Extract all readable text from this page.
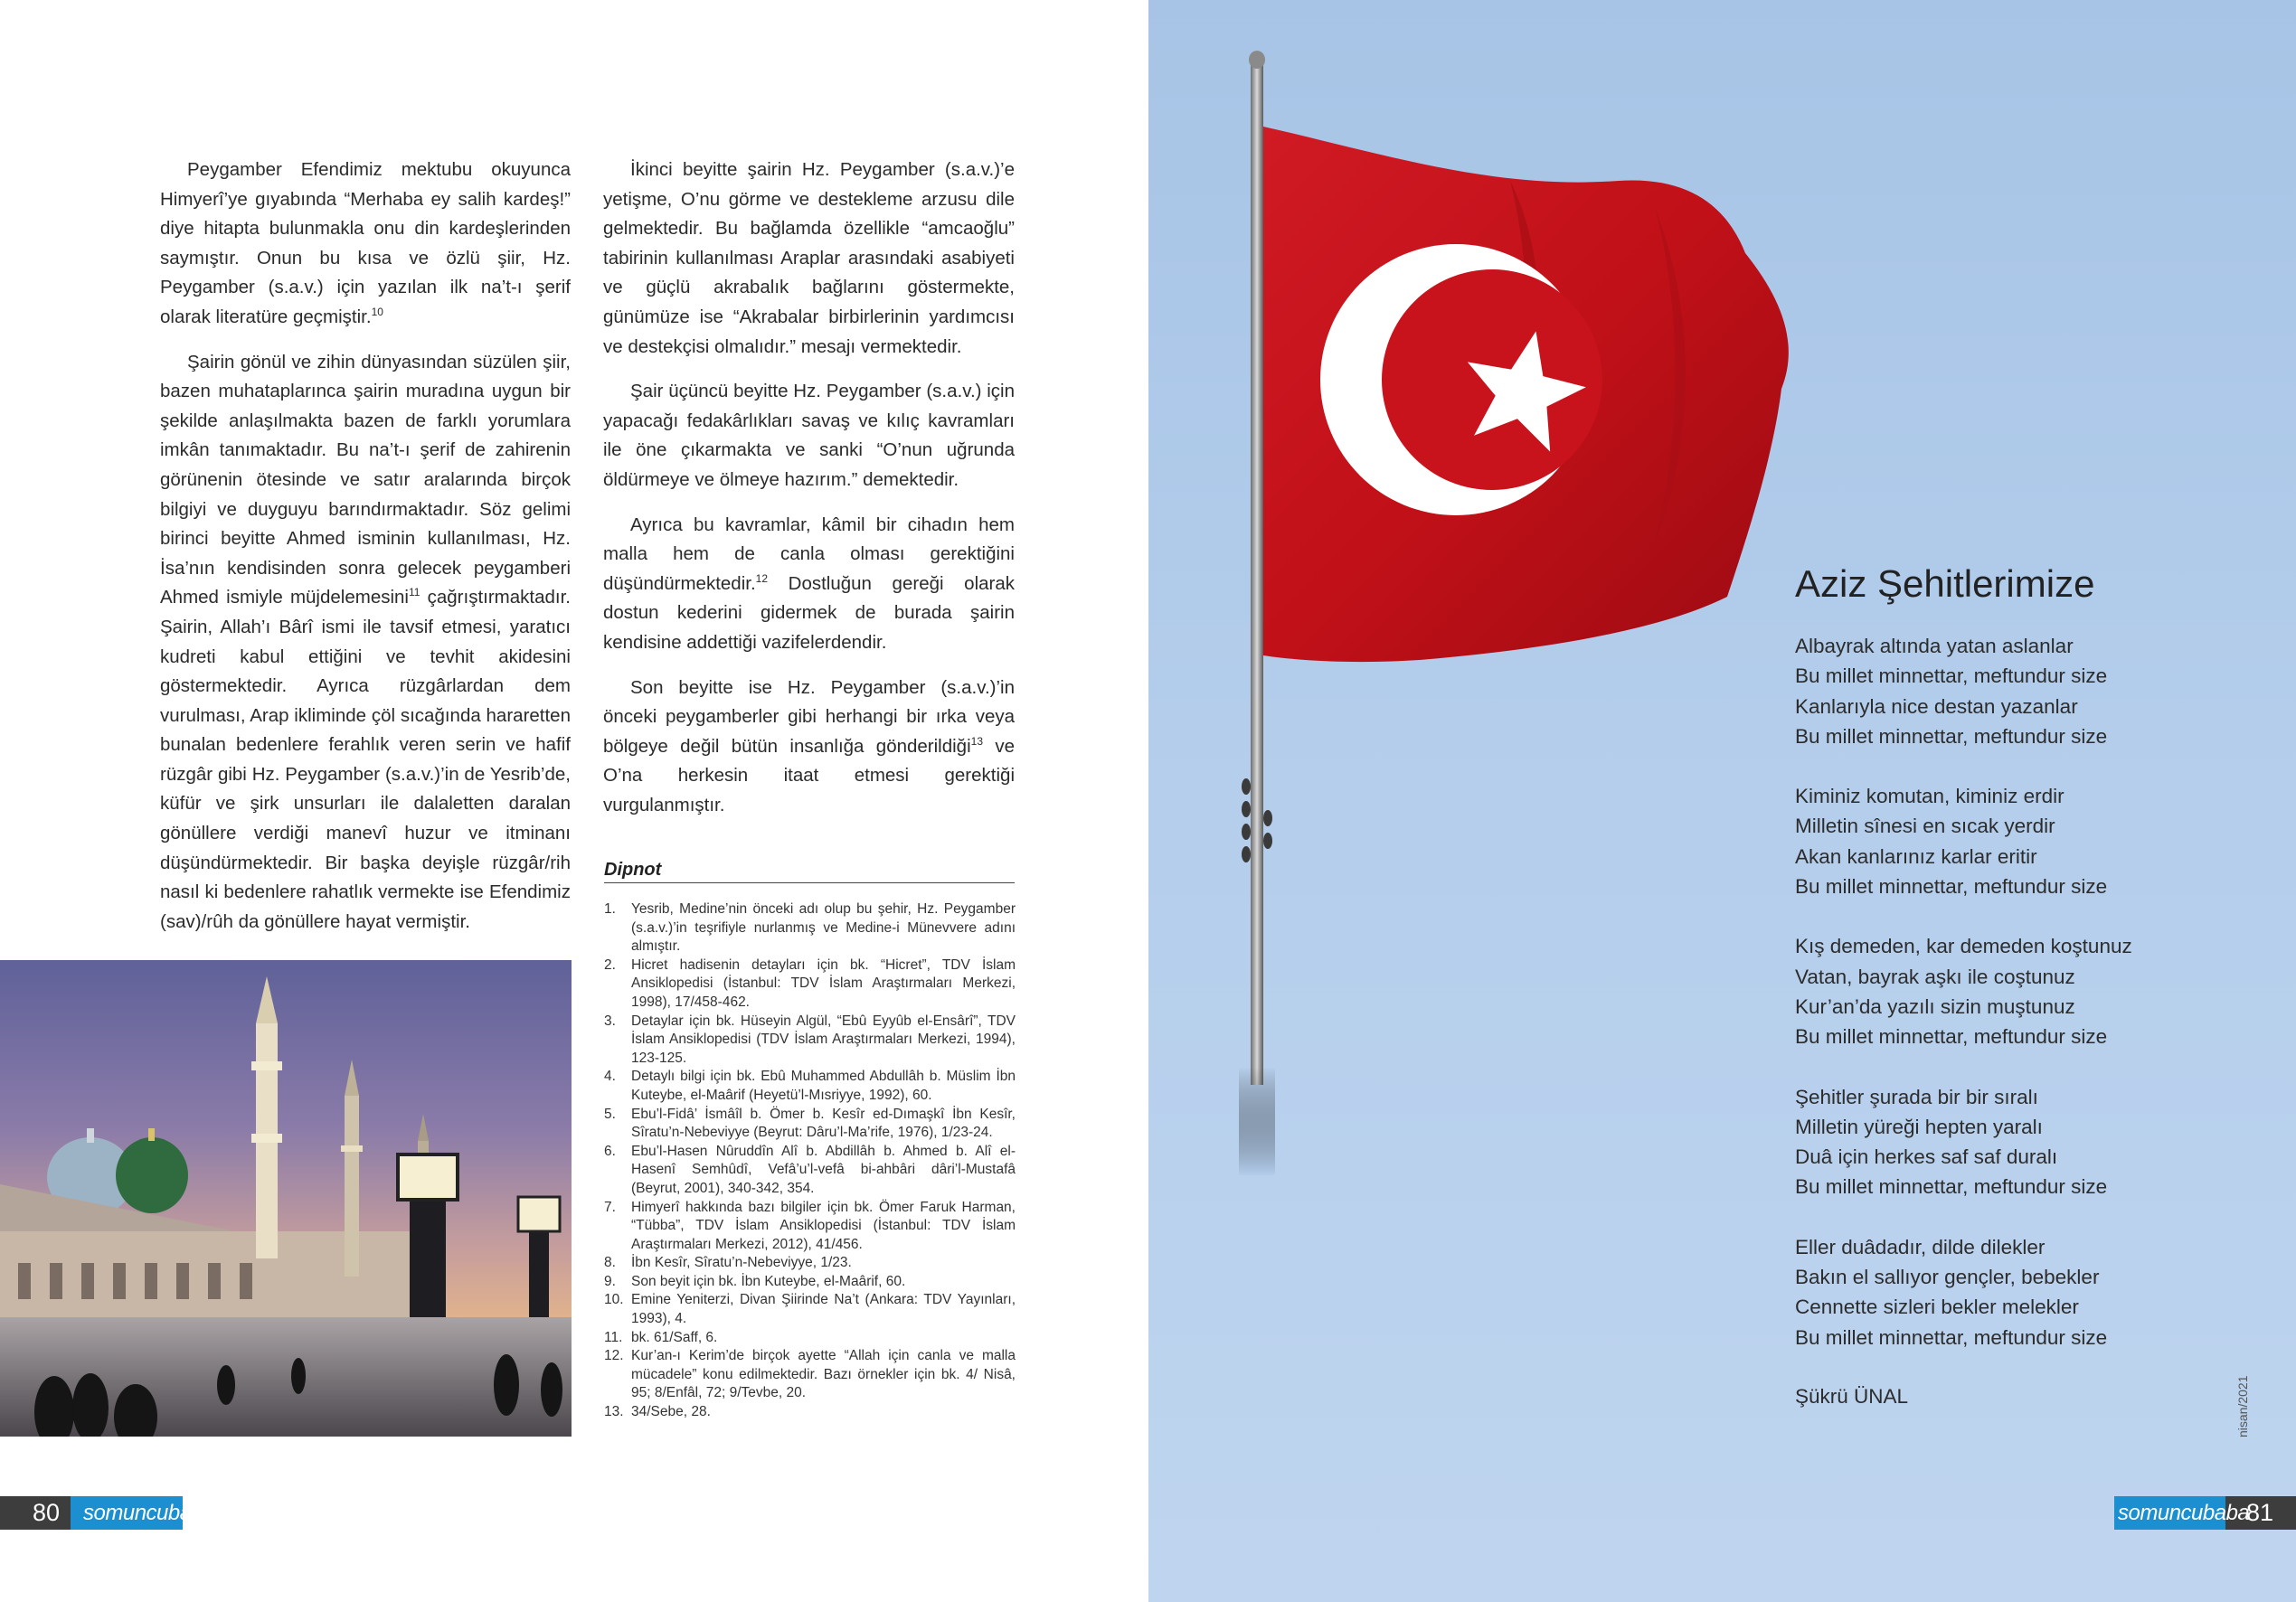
Peygamber Efendimiz mektubu okuyunca Himyerî’ye gıyabında “Merhaba ey salih kardeş!” diye hitapta bulunmakla onu din kardeşlerinden saymıştır. Onun bu kısa ve özlü şiir, Hz. Peygamber (s.a.v.) için yazılan ilk na’t-ı şerif olarak literatüre geçmiştir.$^{10}$

Şairin gönül ve zihin dünyasından süzülen şiir, bazen muhataplarınca şairin muradına uygun bir şekilde anlaşılmakta bazen de farklı yorumlara imkân tanımaktadır. Bu na’t-ı şerif de zahirenin görünenin ötesinde ve satır aralarında birçok bilgiyi ve duyguyu barındırmaktadır. Söz gelimi birinci beyitte Ahmed isminin kullanılması, Hz. İsa’nın kendisinden sonra gelecek peygamberi Ahmed ismiyle müjdelemesini$^{11}$ çağrıştırmaktadır. Şairin, Allah’ı Bârî ismi ile tavsif etmesi, yaratıcı kudreti kabul ettiğini ve tevhit akidesini göstermektedir. Ayrıca rüzgârlardan dem vurulması, Arap ikliminde çöl sıcağında hararetten bunalan bedenlere ferahlık veren serin ve hafif rüzgâr gibi Hz. Peygamber (s.a.v.)’in de Yesrib’de, küfür ve şirk unsurları ile dalaletten daralan gönüllere verdiği manevî huzur ve itminanı düşündürmektedir. Bir başka deyişle rüzgâr/rih nasıl ki bedenlere rahatlık vermekte ise Efendimiz (sav)/rûh da gönüllere hayat vermiştir.

İkinci beyitte şairin Hz. Peygamber (s.a.v.)’e yetişme, O’nu görme ve destekleme arzusu dile gelmektedir. Bu bağlamda özellikle “amcaoğlu” tabirinin kullanılması Araplar arasındaki asabiyeti ve güçlü akrabalık bağlarını göstermekte, günümüze ise “Akrabalar birbirlerinin yardımcısı ve destekçisi olmalıdır.” mesajı vermektedir.

Şair üçüncü beyitte Hz. Peygamber (s.a.v.) için yapacağı fedakârlıkları savaş ve kılıç kavramları ile öne çıkarmakta ve sanki “O’nun uğrunda öldürmeye ve ölmeye hazırım.” demektedir.

Ayrıca bu kavramlar, kâmil bir cihadın hem malla hem de canla olması gerektiğini düşündürmektedir.$^{12}$ Dostluğun gereği olarak dostun kederini gidermek de burada şairin kendisine addettiği vazifelerdendir.

Son beyitte ise Hz. Peygamber (s.a.v.)’in önceki peygamberler gibi herhangi bir ırka veya bölgeye değil bütün insanlığa gönderildiği$^{13}$ ve O’na herkesin itaat etmesi gerektiği vurgulanmıştır.

Dipnot
1. Yesrib, Medine’nin önceki adı olup bu şehir, Hz. Peygamber (s.a.v.)’in teşrifiyle nurlanmış ve Medine-i Münevvere adını almıştır.
2. Hicret hadisenin detayları için bk. “Hicret”, TDV İslam Ansiklopedisi (İstanbul: TDV İslam Araştırmaları Merkezi, 1998), 17/458-462.
3. Detaylar için bk. Hüseyin Algül, “Ebû Eyyûb el-Ensârî”, TDV İslam Ansiklopedisi (TDV İslam Araştırmaları Merkezi, 1994), 123-125.
4. Detaylı bilgi için bk. Ebû Muhammed Abdullâh b. Müslim İbn Kuteybe, el-Maârif (Heyetü’l-Mısriyye, 1992), 60.
5. Ebu’l-Fidâ’ İsmâîl b. Ömer b. Kesîr ed-Dımaşkî İbn Kesîr, Sîratu’n-Nebeviyye (Beyrut: Dâru’l-Ma’rife, 1976), 1/23-24.
6. Ebu’l-Hasen Nûruddîn Alî b. Abdillâh b. Ahmed b. Alî el-Hasenî Semhûdî, Vefâ’u’l-vefâ bi-ahbâri dâri’l-Mustafâ (Beyrut, 2001), 340-342, 354.
7. Himyerî hakkında bazı bilgiler için bk. Ömer Faruk Harman, “Tübba”, TDV İslam Ansiklopedisi (İstanbul: TDV İslam Araştırmaları Merkezi, 2012), 41/456.
8. İbn Kesîr, Sîratu’n-Nebeviyye, 1/23.
9. Son beyit için bk. İbn Kuteybe, el-Maârif, 60.
10. Emine Yeniterzi, Divan Şiirinde Na’t (Ankara: TDV Yayınları, 1993), 4.
11. bk. 61/Saff, 6.
12. Kur’an-ı Kerim’de birçok ayette “Allah için canla ve malla mücadele” konu edilmektedir. Bazı örnekler için bk. 4/ Nisâ, 95; 8/Enfâl, 72; 9/Tevbe, 20.
13. 34/Sebe, 28.
80 somuncubaba
Aziz Şehitlerimize
Albayrak altında yatan aslanlar
Bu millet minnettar, meftundur size
Kanlarıyla nice destan yazanlar
Bu millet minnettar, meftundur size
Kiminiz komutan, kiminiz erdir
Milletin sînesi en sıcak yerdir
Akan kanlarınız karlar eritir
Bu millet minnettar, meftundur size
Kış demeden, kar demeden koştunuz
Vatan, bayrak aşkı ile coştunuz
Kur’an’da yazılı sizin muştunuz
Bu millet minnettar, meftundur size
Şehitler şurada bir bir sıralı
Milletin yüreği hepten yaralı
Duâ için herkes saf saf duralı
Bu millet minnettar, meftundur size
Eller duâdadır, dilde dilekler
Bakın el sallıyor gençler, bebekler
Cennette sizleri bekler melekler
Bu millet minnettar, meftundur size
Şükrü ÜNAL	nisan/2021
somuncubaba
81
